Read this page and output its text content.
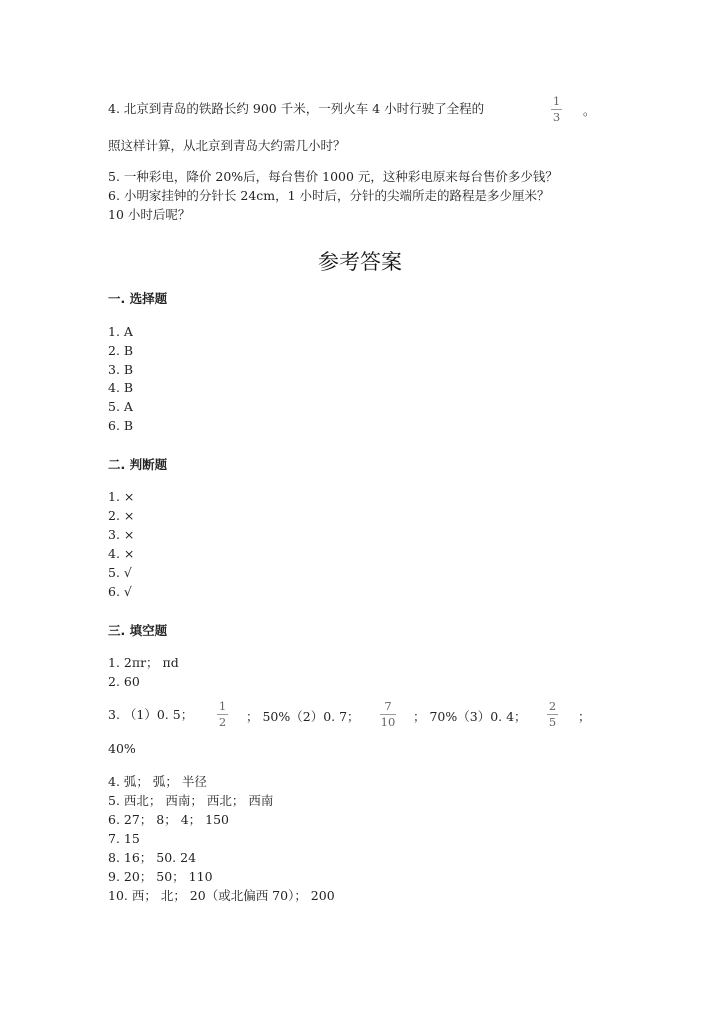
4. 北京到青岛的铁路长约 900 千米，一列火车 4 小时行驶了全程的	1
3 。
照这样计算，从北京到青岛大约需几小时？
5. 一种彩电，降价 20%后，每台售价 1000 元，这种彩电原来每台售价多少钱？
6. 小明家挂钟的分针长 24cm，1 小时后，分针的尖端所走的路程是多少厘米？
10 小时后呢？
参考答案
一. 选择题
1. A
2. B
3. B
4. B
5. A
6. B
二. 判断题
1. ×
2. ×
3. ×
4. ×
5. √
6. √
三. 填空题
1. 2πr； πd
2. 60
3. （1）0. 5；
1
2 ； 50%（2）0. 7；
7
10 ； 70%（3）0. 4；
2
5 ；
40%
4. 弧； 弧； 半径
5. 西北； 西南； 西北； 西南
6. 27； 8； 4； 150
7. 15
8. 16； 50. 24
9. 20； 50； 110
10. 西； 北； 20（或北偏西 70）； 200
